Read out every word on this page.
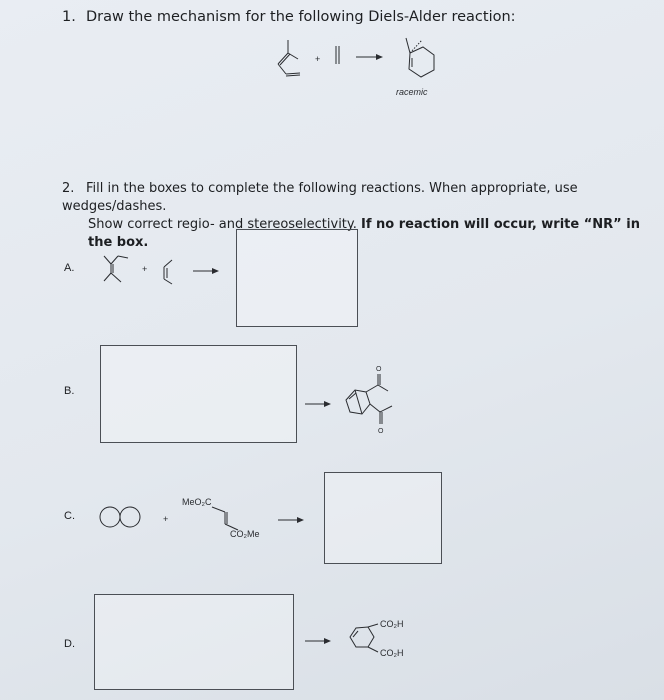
1. Draw the mechanism for the following Diels-Alder reaction:
2. Fill in the boxes to complete the following reactions. When appropriate, use wedges/dashes.
Show correct regio- and stereoselectivity. If no reaction will occur, write “NR” in the box.
A.
B.
C.
D.
+
racemic
+
O
O
+
MeO₂C
CO₂Me
CO₂H
CO₂H
